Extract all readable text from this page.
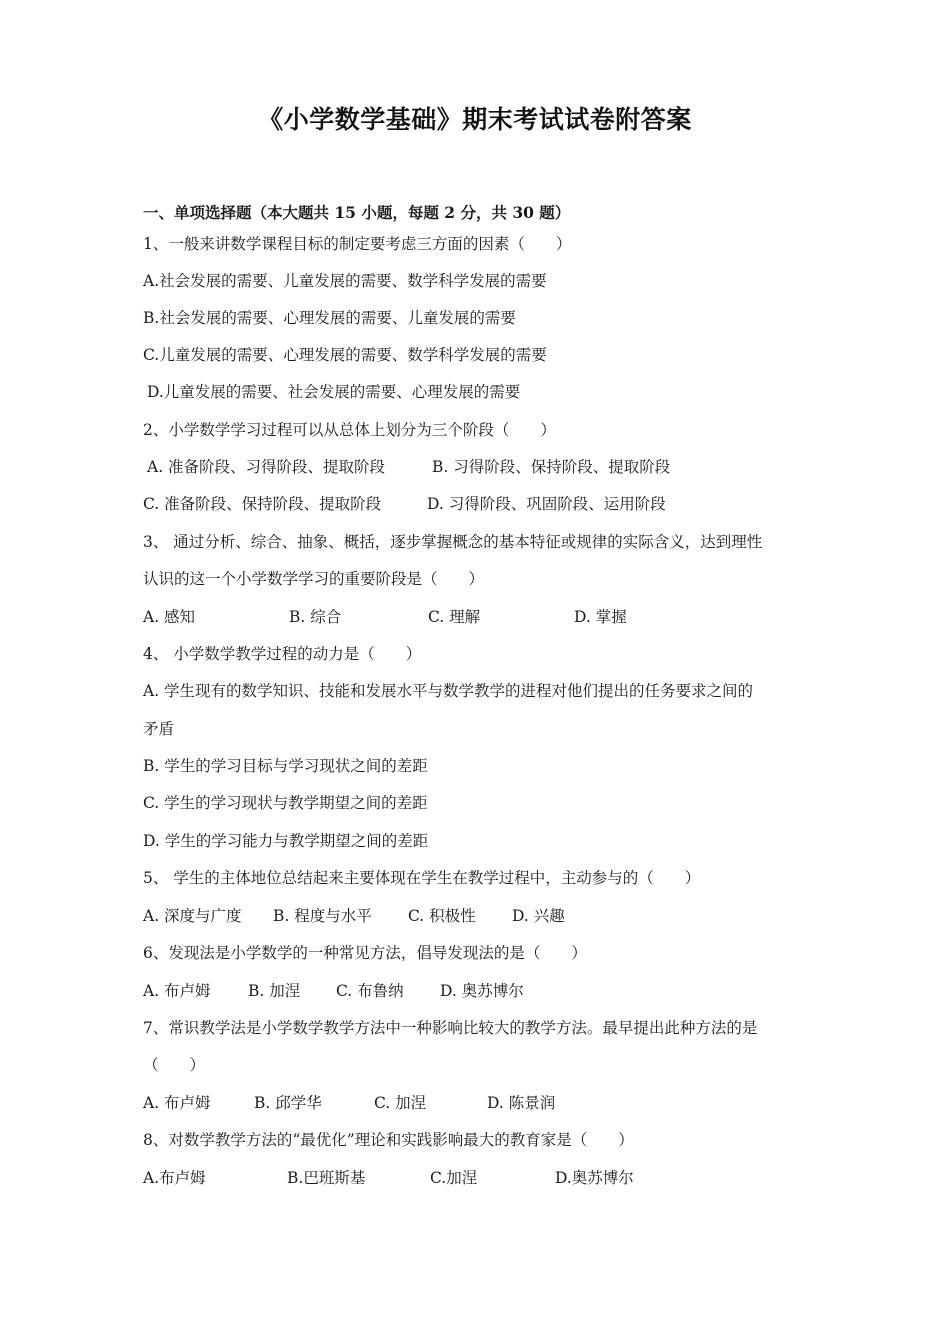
《小学数学基础》期末考试试卷附答案
一、单项选择题（本大题共 15 小题，每题 2 分，共 30 题）
1、一般来讲数学课程目标的制定要考虑三方面的因素（　　）
A.社会发展的需要、儿童发展的需要、数学科学发展的需要
B.社会发展的需要、心理发展的需要、儿童发展的需要
C.儿童发展的需要、心理发展的需要、数学科学发展的需要
D.儿童发展的需要、社会发展的需要、心理发展的需要
2、小学数学学习过程可以从总体上划分为三个阶段（　　）
A. 准备阶段、习得阶段、提取阶段	B. 习得阶段、保持阶段、提取阶段
C. 准备阶段、保持阶段、提取阶段	D. 习得阶段、巩固阶段、运用阶段
3、 通过分析、综合、抽象、概括，逐步掌握概念的基本特征或规律的实际含义，达到理性
认识的这一个小学数学学习的重要阶段是（　　）
A. 感知	B. 综合	C. 理解	D. 掌握
4、 小学数学教学过程的动力是（　　）
A. 学生现有的数学知识、技能和发展水平与数学教学的进程对他们提出的任务要求之间的
矛盾
B. 学生的学习目标与学习现状之间的差距
C. 学生的学习现状与教学期望之间的差距
D. 学生的学习能力与教学期望之间的差距
5、 学生的主体地位总结起来主要体现在学生在教学过程中，主动参与的（　　）
A. 深度与广度 B. 程度与水平 C. 积极性 D. 兴趣
6、发现法是小学数学的一种常见方法，倡导发现法的是（　　）
A. 布卢姆 B. 加涅 C. 布鲁纳 D. 奥苏博尔
7、常识教学法是小学数学教学方法中一种影响比较大的教学方法。最早提出此种方法的是
（　　）
A. 布卢姆	B. 邱学华	C. 加涅	D. 陈景润
8、对数学教学方法的“最优化”理论和实践影响最大的教育家是（　　）
A.布卢姆	B.巴班斯基	C.加涅	D.奥苏博尔
